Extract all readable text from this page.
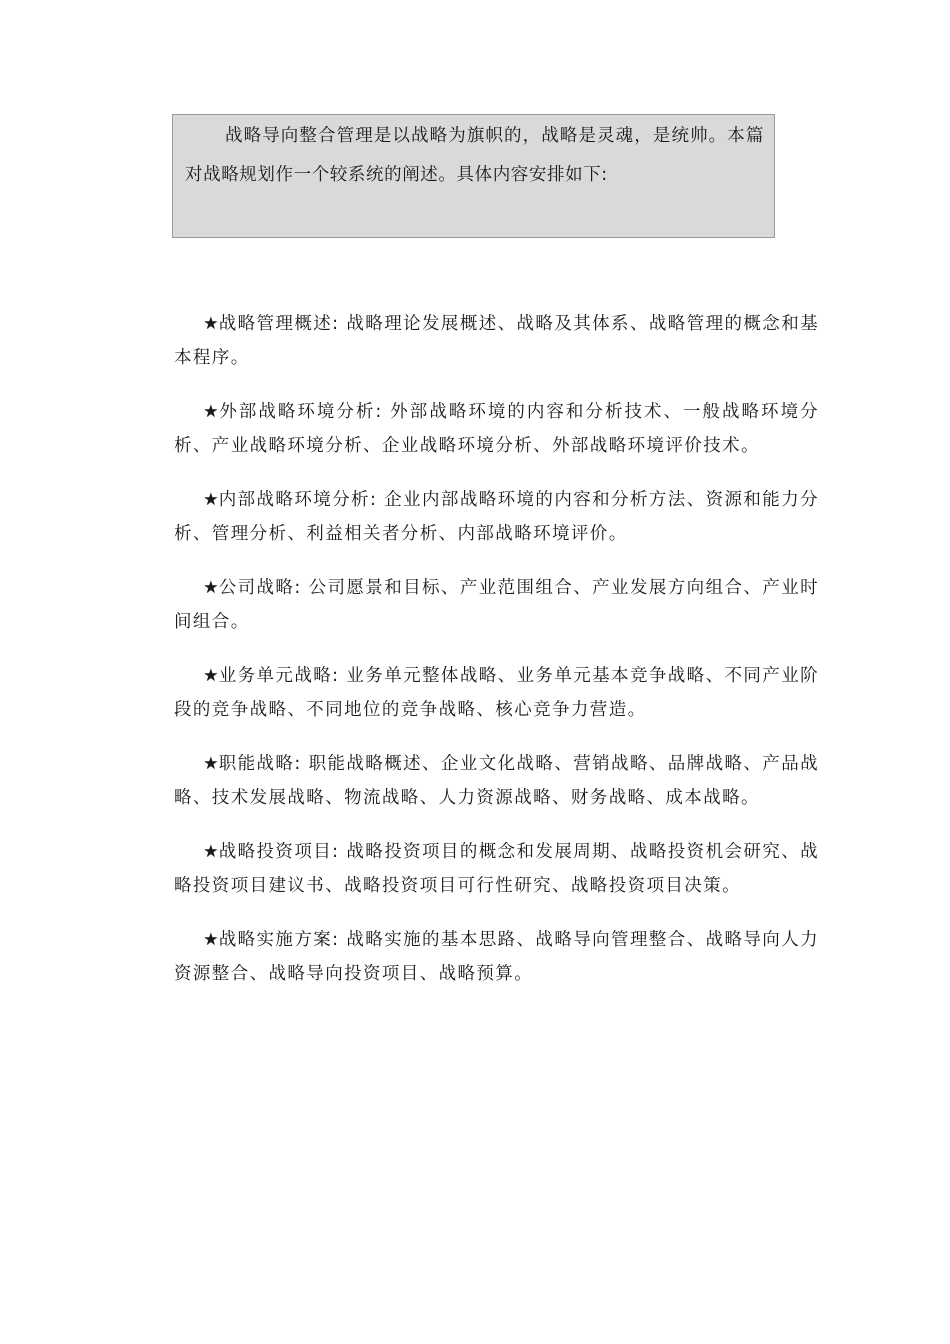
战略导向整合管理是以战略为旗帜的，战略是灵魂，是统帅。本篇对战略规划作一个较系统的阐述。具体内容安排如下:

★战略管理概述: 战略理论发展概述、战略及其体系、战略管理的概念和基本程序。

★外部战略环境分析: 外部战略环境的内容和分析技术、一般战略环境分析、产业战略环境分析、企业战略环境分析、外部战略环境评价技术。

★内部战略环境分析: 企业内部战略环境的内容和分析方法、资源和能力分析、管理分析、利益相关者分析、内部战略环境评价。

★公司战略: 公司愿景和目标、产业范围组合、产业发展方向组合、产业时间组合。

★业务单元战略: 业务单元整体战略、业务单元基本竞争战略、不同产业阶段的竞争战略、不同地位的竞争战略、核心竞争力营造。

★职能战略: 职能战略概述、企业文化战略、营销战略、品牌战略、产品战略、技术发展战略、物流战略、人力资源战略、财务战略、成本战略。

★战略投资项目: 战略投资项目的概念和发展周期、战略投资机会研究、战略投资项目建议书、战略投资项目可行性研究、战略投资项目决策。

★战略实施方案: 战略实施的基本思路、战略导向管理整合、战略导向人力资源整合、战略导向投资项目、战略预算。
